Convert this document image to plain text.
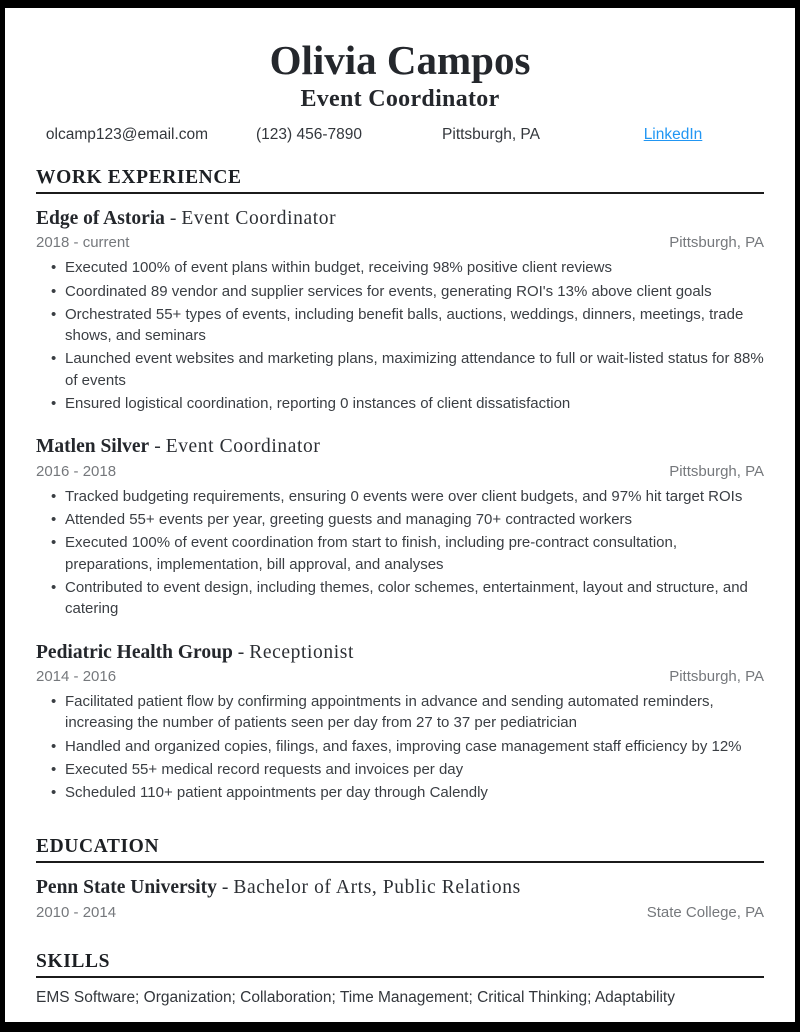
Olivia Campos
Event Coordinator
olcamp123@email.com	(123) 456-7890	Pittsburgh, PA	LinkedIn
WORK EXPERIENCE
Edge of Astoria - Event Coordinator
2018 - current	Pittsburgh, PA
• Executed 100% of event plans within budget, receiving 98% positive client reviews
• Coordinated 89 vendor and supplier services for events, generating ROI's 13% above client goals
• Orchestrated 55+ types of events, including benefit balls, auctions, weddings, dinners, meetings, trade shows, and seminars
• Launched event websites and marketing plans, maximizing attendance to full or wait-listed status for 88% of events
• Ensured logistical coordination, reporting 0 instances of client dissatisfaction
Matlen Silver - Event Coordinator
2016 - 2018	Pittsburgh, PA
• Tracked budgeting requirements, ensuring 0 events were over client budgets, and 97% hit target ROIs
• Attended 55+ events per year, greeting guests and managing 70+ contracted workers
• Executed 100% of event coordination from start to finish, including pre-contract consultation, preparations, implementation, bill approval, and analyses
• Contributed to event design, including themes, color schemes, entertainment, layout and structure, and catering
Pediatric Health Group - Receptionist
2014 - 2016	Pittsburgh, PA
• Facilitated patient flow by confirming appointments in advance and sending automated reminders, increasing the number of patients seen per day from 27 to 37 per pediatrician
• Handled and organized copies, filings, and faxes, improving case management staff efficiency by 12%
• Executed 55+ medical record requests and invoices per day
• Scheduled 110+ patient appointments per day through Calendly
EDUCATION
Penn State University - Bachelor of Arts, Public Relations
2010 - 2014	State College, PA
SKILLS
EMS Software; Organization; Collaboration; Time Management; Critical Thinking; Adaptability
